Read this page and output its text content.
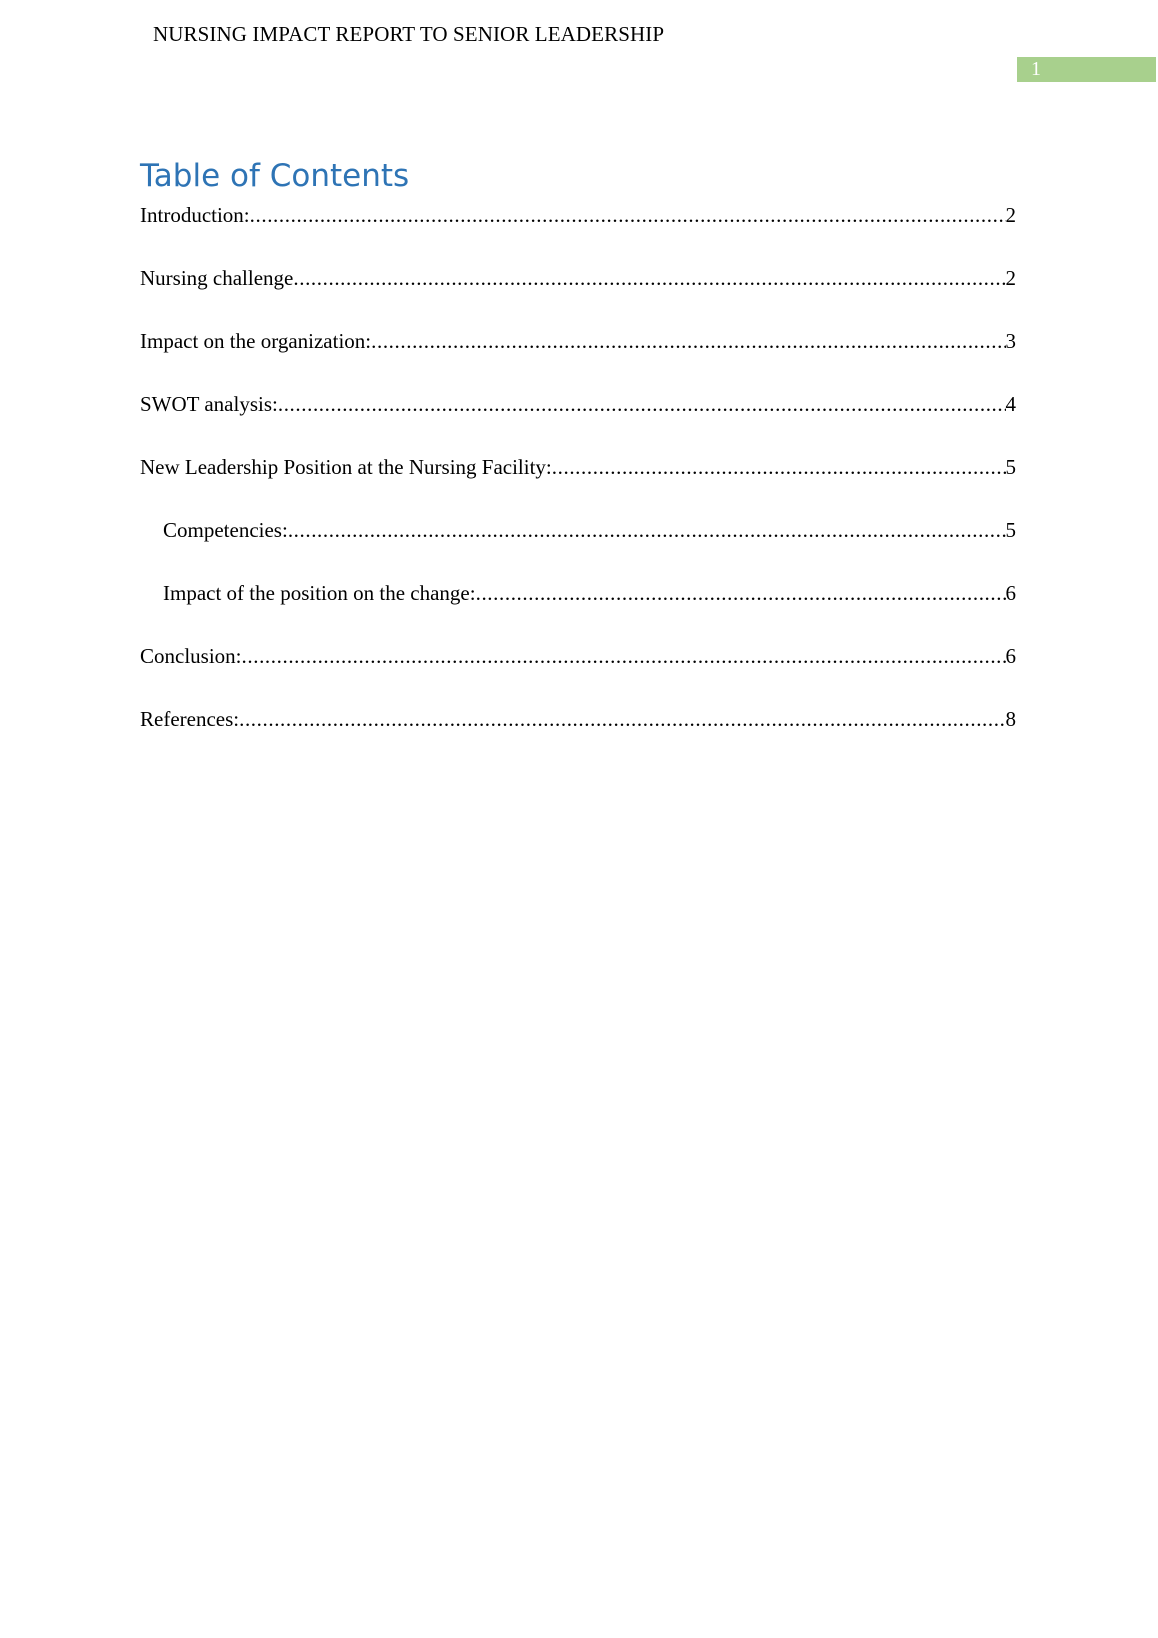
NURSING IMPACT REPORT TO SENIOR LEADERSHIP
1
Table of Contents
Introduction: .....	2
Nursing challenge .....	2
Impact on the organization: .....	3
SWOT analysis: .....	4
New Leadership Position at the Nursing Facility: .....	5
Competencies: .....	5
Impact of the position on the change: .....	6
Conclusion: .....	6
References: .....	8
